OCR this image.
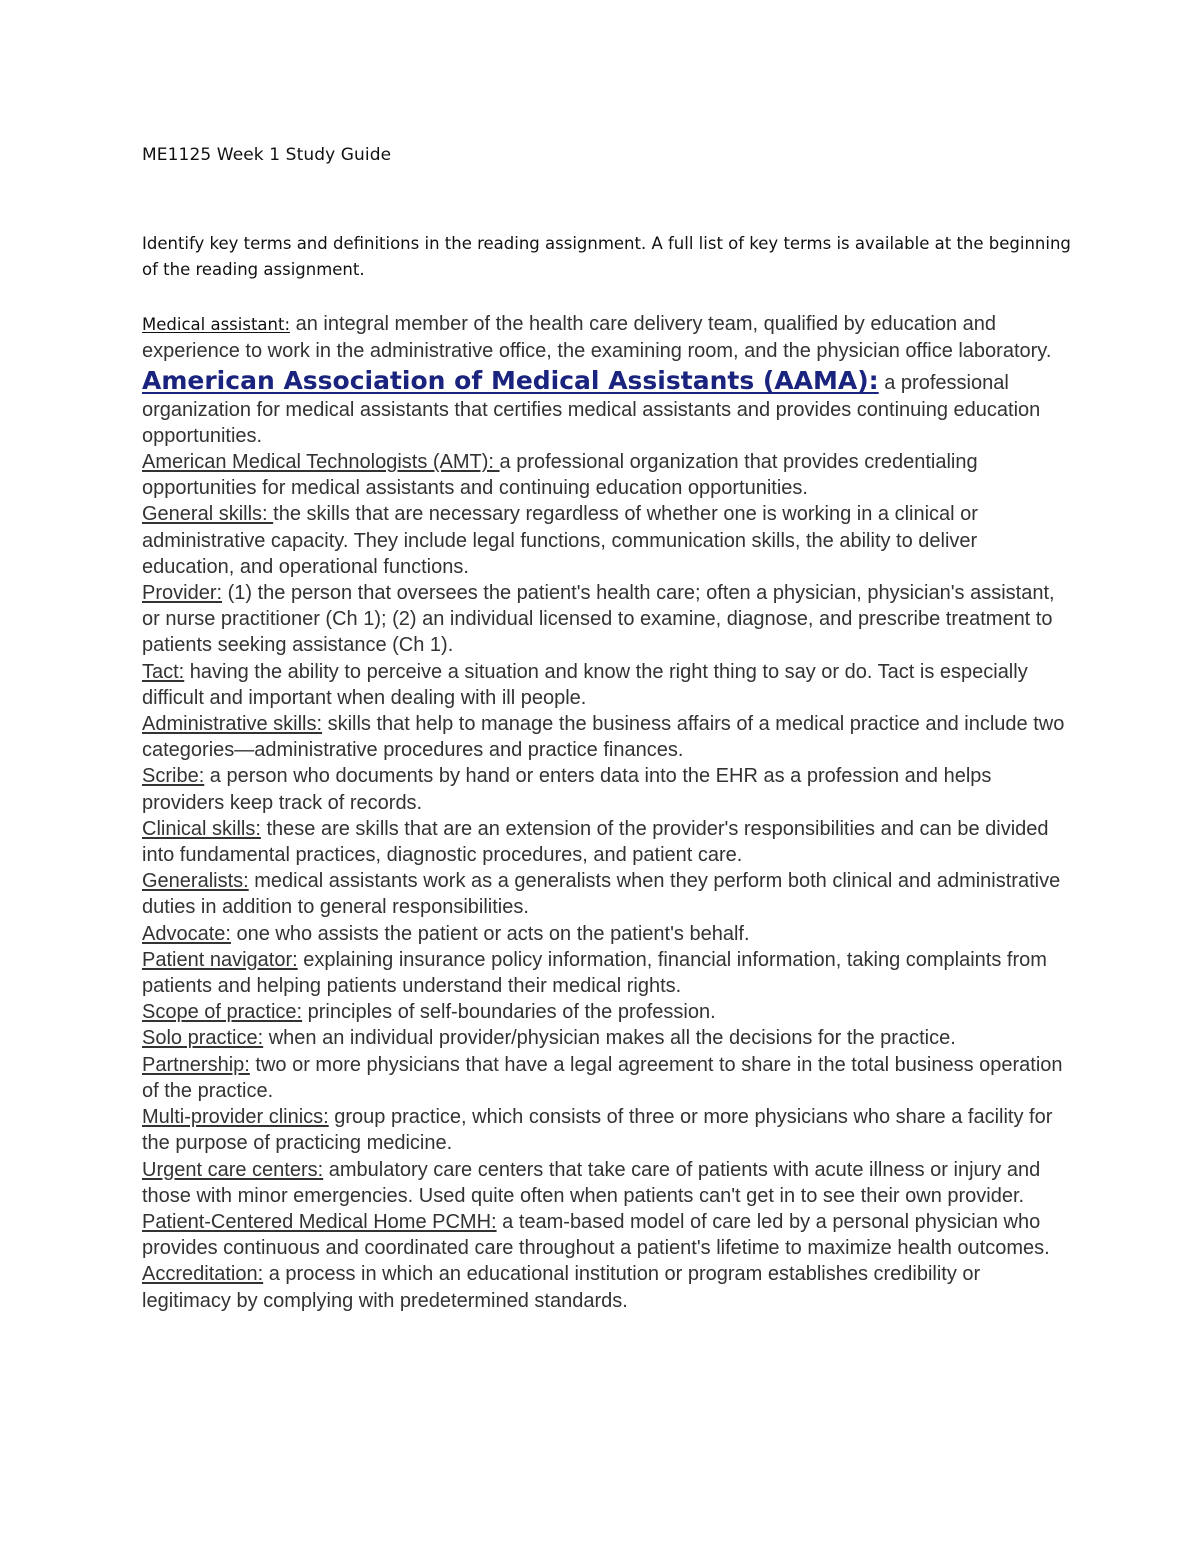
ME1125 Week 1 Study Guide

Identify key terms and definitions in the reading assignment. A full list of key terms is available at the beginning of the reading assignment.

Medical assistant: an integral member of the health care delivery team, qualified by education and experience to work in the administrative office, the examining room, and the physician office laboratory.
American Association of Medical Assistants (AAMA): a professional organization for medical assistants that certifies medical assistants and provides continuing education opportunities.
American Medical Technologists (AMT): a professional organization that provides credentialing opportunities for medical assistants and continuing education opportunities.
General skills: the skills that are necessary regardless of whether one is working in a clinical or administrative capacity. They include legal functions, communication skills, the ability to deliver education, and operational functions.
Provider: (1) the person that oversees the patient's health care; often a physician, physician's assistant, or nurse practitioner (Ch 1); (2) an individual licensed to examine, diagnose, and prescribe treatment to patients seeking assistance (Ch 1).
Tact: having the ability to perceive a situation and know the right thing to say or do. Tact is especially difficult and important when dealing with ill people.
Administrative skills: skills that help to manage the business affairs of a medical practice and include two categories—administrative procedures and practice finances.
Scribe: a person who documents by hand or enters data into the EHR as a profession and helps providers keep track of records.
Clinical skills: these are skills that are an extension of the provider's responsibilities and can be divided into fundamental practices, diagnostic procedures, and patient care.
Generalists: medical assistants work as a generalists when they perform both clinical and administrative duties in addition to general responsibilities.
Advocate: one who assists the patient or acts on the patient's behalf.
Patient navigator: explaining insurance policy information, financial information, taking complaints from patients and helping patients understand their medical rights.
Scope of practice: principles of self-boundaries of the profession.
Solo practice: when an individual provider/physician makes all the decisions for the practice.
Partnership: two or more physicians that have a legal agreement to share in the total business operation of the practice.
Multi-provider clinics: group practice, which consists of three or more physicians who share a facility for the purpose of practicing medicine.
Urgent care centers: ambulatory care centers that take care of patients with acute illness or injury and those with minor emergencies. Used quite often when patients can't get in to see their own provider.
Patient-Centered Medical Home PCMH: a team-based model of care led by a personal physician who provides continuous and coordinated care throughout a patient's lifetime to maximize health outcomes.
Accreditation: a process in which an educational institution or program establishes credibility or legitimacy by complying with predetermined standards.
